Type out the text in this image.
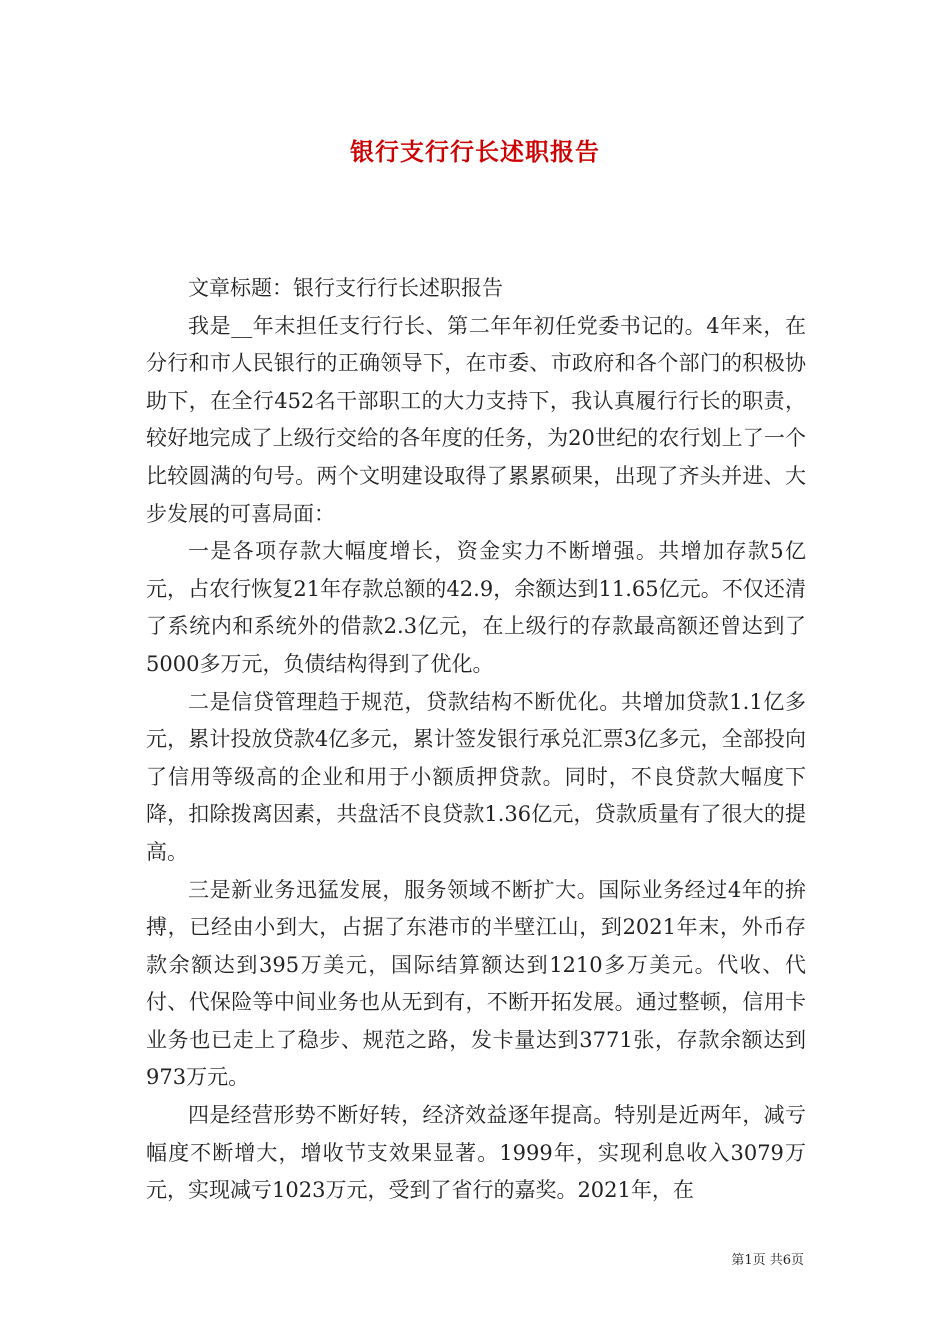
银行支行行长述职报告

文章标题：银行支行行长述职报告

我是__年末担任支行行长、第二年年初任党委书记的。4年来，在分行和市人民银行的正确领导下，在市委、市政府和各个部门的积极协助下，在全行452名干部职工的大力支持下，我认真履行行长的职责，较好地完成了上级行交给的各年度的任务，为20世纪的农行划上了一个比较圆满的句号。两个文明建设取得了累累硕果，出现了齐头并进、大步发展的可喜局面：

一是各项存款大幅度增长，资金实力不断增强。共增加存款5亿元，占农行恢复21年存款总额的42.9，余额达到11.65亿元。不仅还清了系统内和系统外的借款2.3亿元，在上级行的存款最高额还曾达到了5000多万元，负债结构得到了优化。

二是信贷管理趋于规范，贷款结构不断优化。共增加贷款1.1亿多元，累计投放贷款4亿多元，累计签发银行承兑汇票3亿多元，全部投向了信用等级高的企业和用于小额质押贷款。同时，不良贷款大幅度下降，扣除拨离因素，共盘活不良贷款1.36亿元，贷款质量有了很大的提高。

三是新业务迅猛发展，服务领域不断扩大。国际业务经过4年的拚搏，已经由小到大，占据了东港市的半壁江山，到2021年末，外币存款余额达到395万美元，国际结算额达到1210多万美元。代收、代付、代保险等中间业务也从无到有，不断开拓发展。通过整顿，信用卡业务也已走上了稳步、规范之路，发卡量达到3771张，存款余额达到973万元。

四是经营形势不断好转，经济效益逐年提高。特别是近两年，减亏幅度不断增大，增收节支效果显著。1999年，实现利息收入3079万元，实现减亏1023万元，受到了省行的嘉奖。2021年，在

第1页 共6页
